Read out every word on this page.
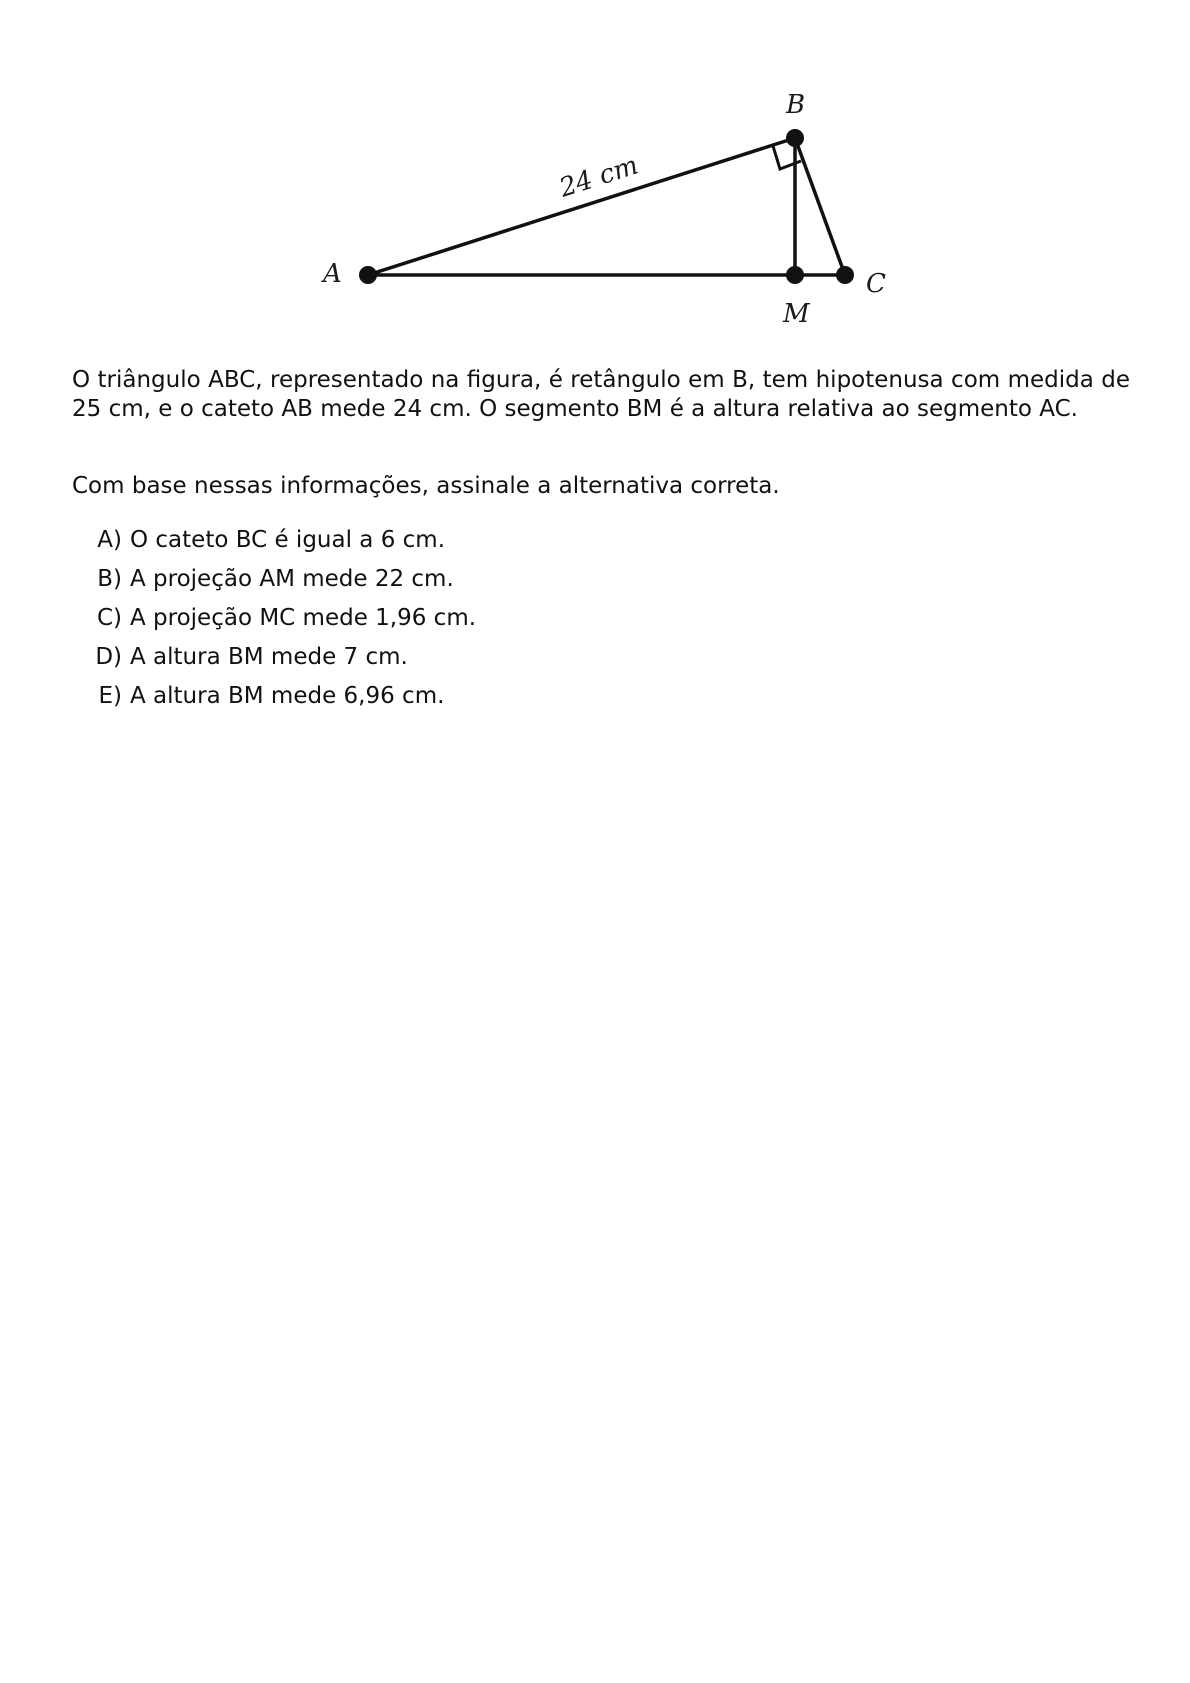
A
B
C
M
24 cm

O triângulo ABC, representado na figura, é retângulo em B, tem hipotenusa com medida de 25 cm, e o cateto AB mede 24 cm. O segmento BM é a altura relativa ao segmento AC.

Com base nessas informações, assinale a alternativa correta.

A) O cateto BC é igual a 6 cm.
B) A projeção AM mede 22 cm.
C) A projeção MC mede 1,96 cm.
D) A altura BM mede 7 cm.
E) A altura BM mede 6,96 cm.
